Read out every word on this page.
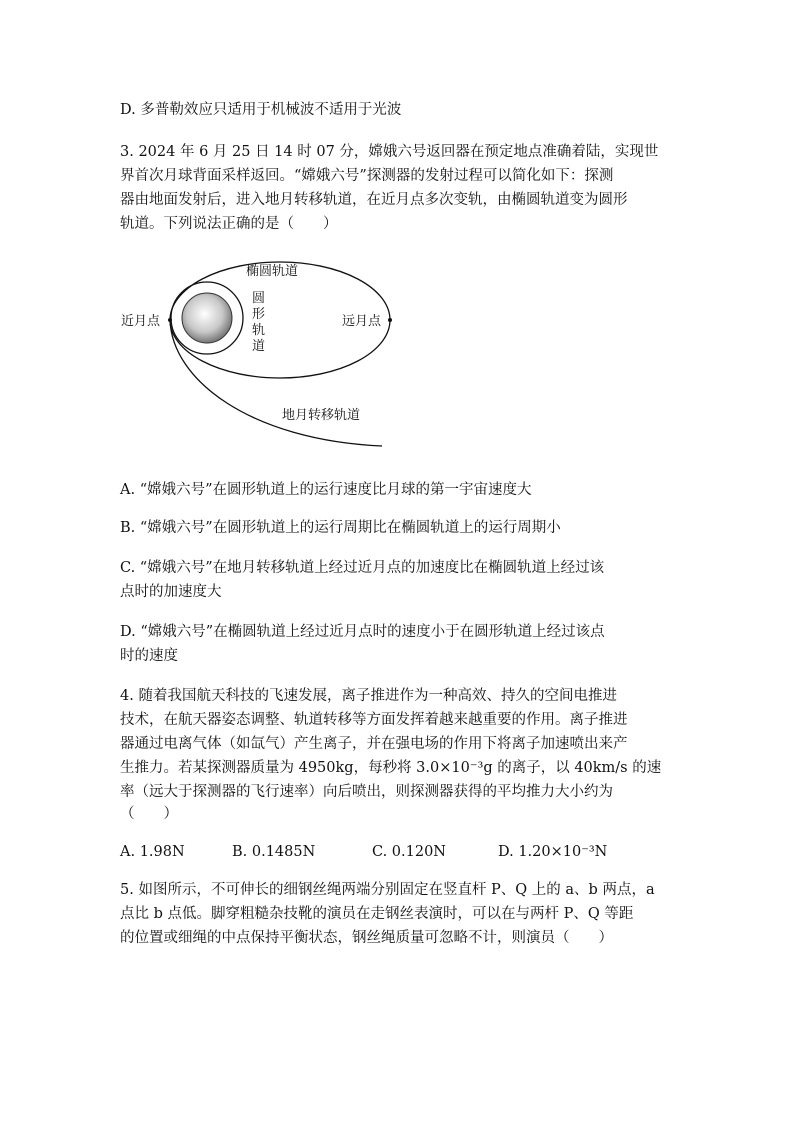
D. 多普勒效应只适用于机械波不适用于光波
3. 2024 年 6 月 25 日 14 时 07 分，嫦娥六号返回器在预定地点准确着陆，实现世
界首次月球背面采样返回。“嫦娥六号”探测器的发射过程可以简化如下：探测
器由地面发射后，进入地月转移轨道，在近月点多次变轨，由椭圆轨道变为圆形
轨道。下列说法正确的是（　　）
椭圆轨道
近月点	远月点
圆
形
轨
道
地月转移轨道
A. “嫦娥六号”在圆形轨道上的运行速度比月球的第一宇宙速度大
B. “嫦娥六号”在圆形轨道上的运行周期比在椭圆轨道上的运行周期小
C. “嫦娥六号”在地月转移轨道上经过近月点的加速度比在椭圆轨道上经过该
点时的加速度大
D. “嫦娥六号”在椭圆轨道上经过近月点时的速度小于在圆形轨道上经过该点
时的速度
4. 随着我国航天科技的飞速发展，离子推进作为一种高效、持久的空间电推进
技术，在航天器姿态调整、轨道转移等方面发挥着越来越重要的作用。离子推进
器通过电离气体（如氙气）产生离子，并在强电场的作用下将离子加速喷出来产
生推力。若某探测器质量为 4950kg，每秒将 3.0×10⁻³g 的离子，以 40km/s 的速
率（远大于探测器的飞行速率）向后喷出，则探测器获得的平均推力大小约为
（　　）
A. 1.98N	B. 0.1485N	C. 0.120N	D. 1.20×10⁻³N
5. 如图所示，不可伸长的细钢丝绳两端分别固定在竖直杆 P、Q 上的 a、b 两点，a
点比 b 点低。脚穿粗糙杂技靴的演员在走钢丝表演时，可以在与两杆 P、Q 等距
的位置或细绳的中点保持平衡状态，钢丝绳质量可忽略不计，则演员（　　）
